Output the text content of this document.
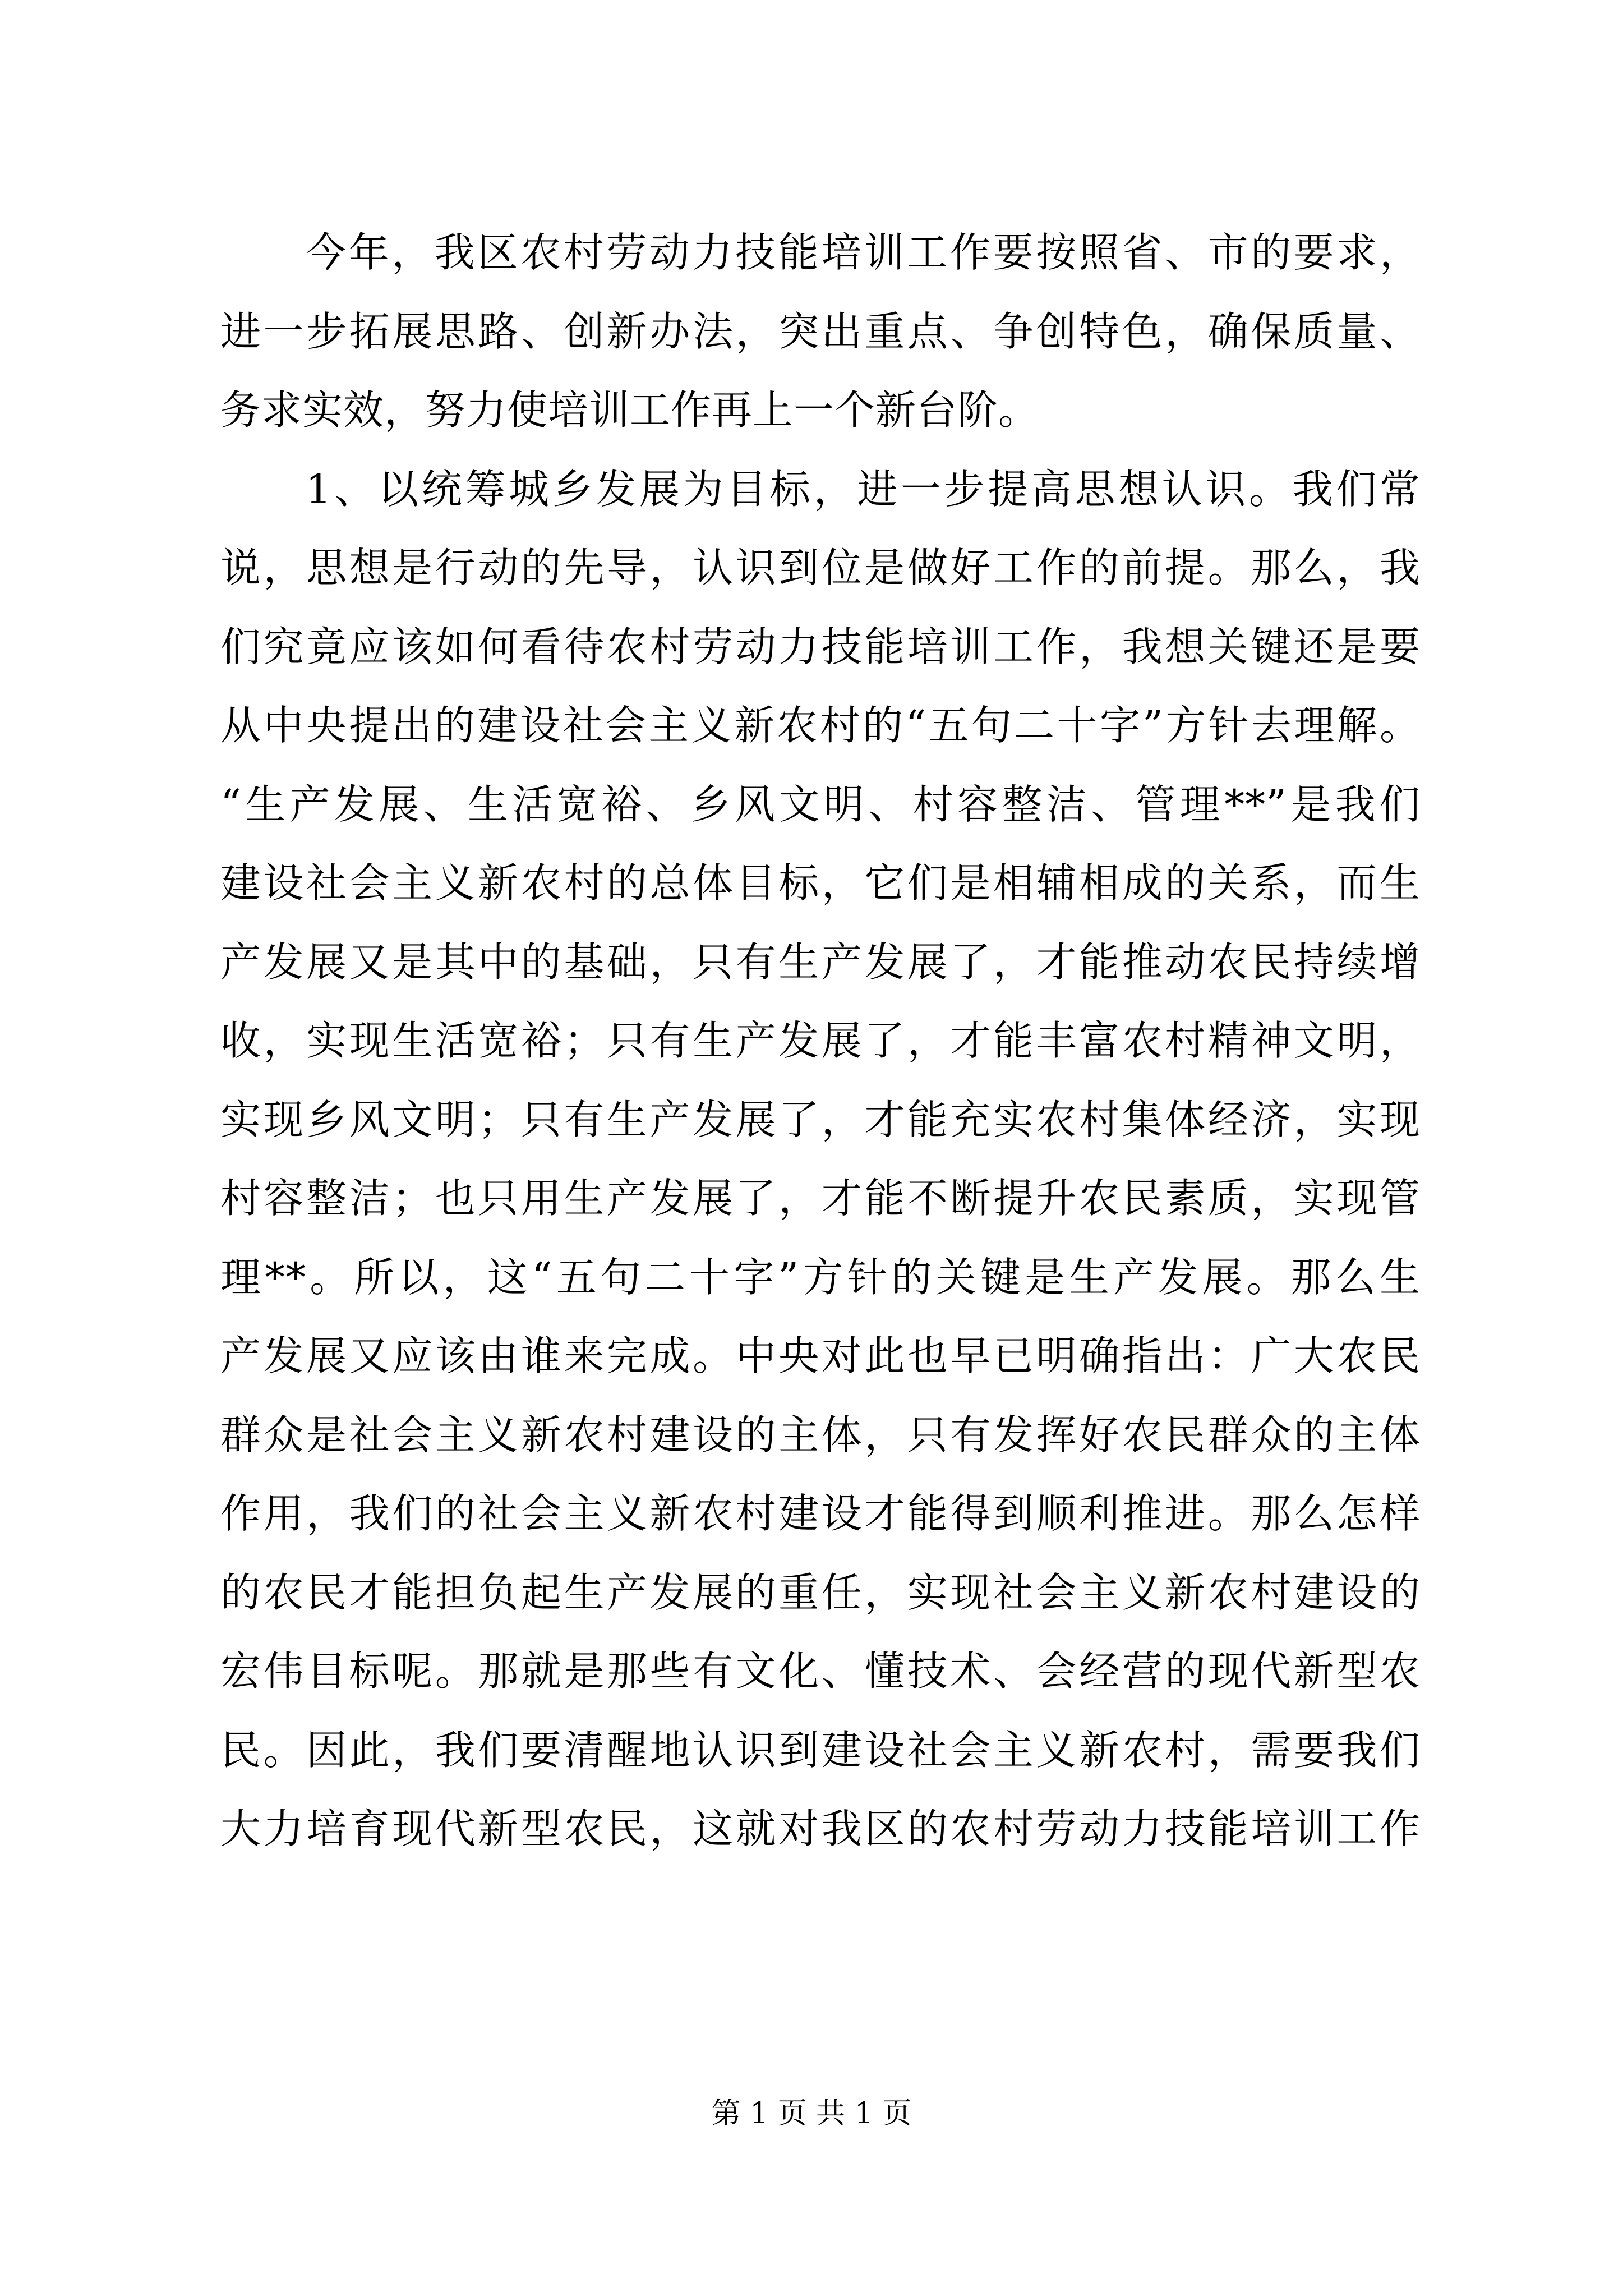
今年，我区农村劳动力技能培训工作要按照省、市的要求，
进一步拓展思路、创新办法，突出重点、争创特色，确保质量、
务求实效，努力使培训工作再上一个新台阶。
1、以统筹城乡发展为目标，进一步提高思想认识。我们常
说，思想是行动的先导，认识到位是做好工作的前提。那么，我
们究竟应该如何看待农村劳动力技能培训工作，我想关键还是要
从中央提出的建设社会主义新农村的“五句二十字”方针去理解。
“生产发展、生活宽裕、乡风文明、村容整洁、管理**”是我们
建设社会主义新农村的总体目标，它们是相辅相成的关系，而生
产发展又是其中的基础，只有生产发展了，才能推动农民持续增
收，实现生活宽裕；只有生产发展了，才能丰富农村精神文明，
实现乡风文明；只有生产发展了，才能充实农村集体经济，实现
村容整洁；也只用生产发展了，才能不断提升农民素质，实现管
理**。所以，这“五句二十字”方针的关键是生产发展。那么生
产发展又应该由谁来完成。中央对此也早已明确指出：广大农民
群众是社会主义新农村建设的主体，只有发挥好农民群众的主体
作用，我们的社会主义新农村建设才能得到顺利推进。那么怎样
的农民才能担负起生产发展的重任，实现社会主义新农村建设的
宏伟目标呢。那就是那些有文化、懂技术、会经营的现代新型农
民。因此，我们要清醒地认识到建设社会主义新农村，需要我们
大力培育现代新型农民，这就对我区的农村劳动力技能培训工作
第 1 页 共 1 页
